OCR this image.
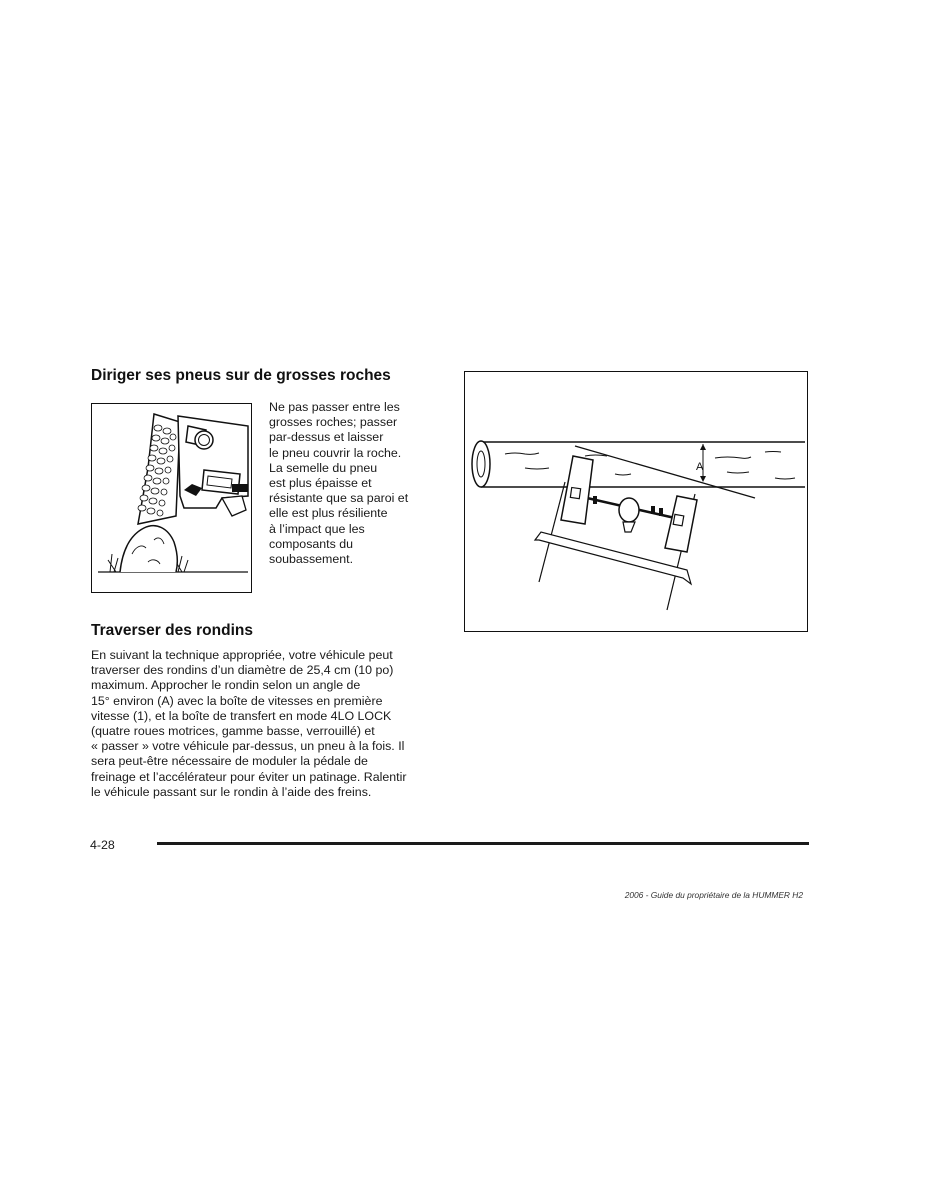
Diriger ses pneus sur de grosses roches
Ne pas passer entre les
grosses roches; passer
par-dessus et laisser
le pneu couvrir la roche.
La semelle du pneu
est plus épaisse et
résistante que sa paroi et
elle est plus résiliente
à l’impact que les
composants du
soubassement.
A
Traverser des rondins
En suivant la technique appropriée, votre véhicule peut
traverser des rondins d’un diamètre de 25,4 cm (10 po)
maximum. Approcher le rondin selon un angle de
15° environ (A) avec la boîte de vitesses en première
vitesse (1), et la boîte de transfert en mode 4LO LOCK
(quatre roues motrices, gamme basse, verrouillé) et
« passer » votre véhicule par-dessus, un pneu à la fois. Il
sera peut-être nécessaire de moduler la pédale de
freinage et l’accélérateur pour éviter un patinage. Ralentir
le véhicule passant sur le rondin à l’aide des freins.
4-28
2006 - Guide du propriétaire de la HUMMER H2
